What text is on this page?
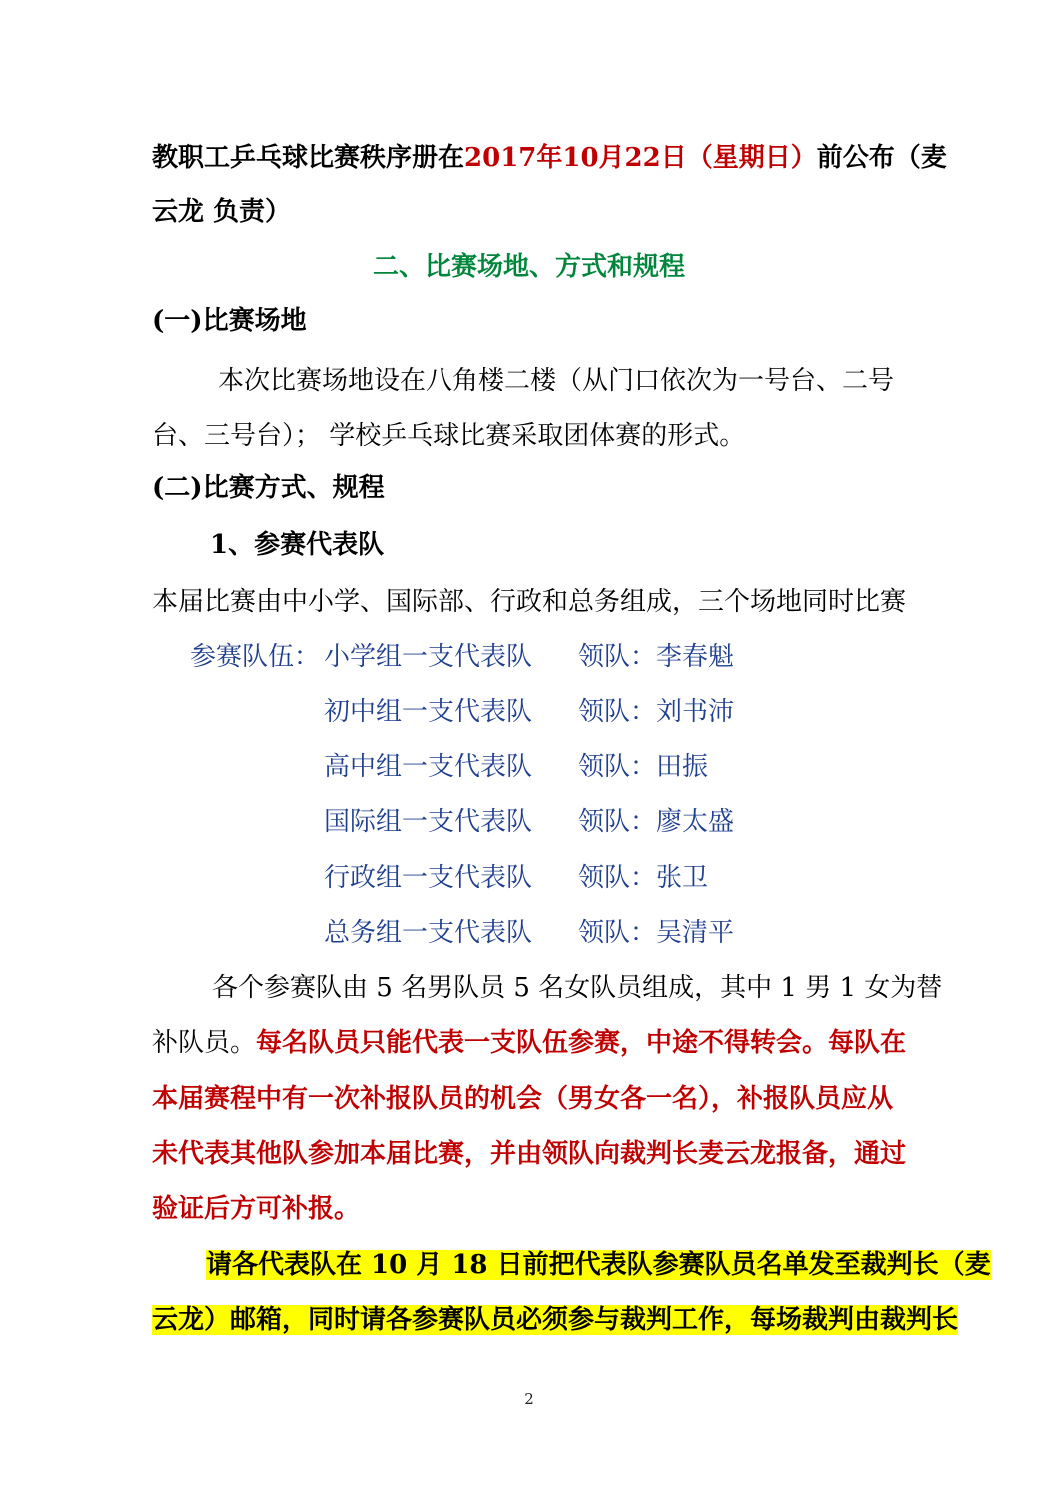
教职工乒乓球比赛秩序册在2017年10月22日（星期日）前公布（麦
云龙 负责）
二、比赛场地、方式和规程
(一)比赛场地
本次比赛场地设在八角楼二楼（从门口依次为一号台、二号
台、三号台）； 学校乒乓球比赛采取团体赛的形式。
(二)比赛方式、规程
1、参赛代表队
本届比赛由中小学、国际部、行政和总务组成，三个场地同时比赛
参赛队伍： 小学组一支代表队 领队：李春魁
初中组一支代表队 领队：刘书沛
高中组一支代表队 领队：田振
国际组一支代表队 领队：廖太盛
行政组一支代表队 领队：张卫
总务组一支代表队 领队：吴清平
各个参赛队由 5 名男队员 5 名女队员组成，其中 1 男 1 女为替
补队员。每名队员只能代表一支队伍参赛，中途不得转会。每队在
本届赛程中有一次补报队员的机会（男女各一名），补报队员应从
未代表其他队参加本届比赛，并由领队向裁判长麦云龙报备，通过
验证后方可补报。
请各代表队在 10 月 18 日前把代表队参赛队员名单发至裁判长（麦
云龙）邮箱，同时请各参赛队员必须参与裁判工作，每场裁判由裁判长
2
